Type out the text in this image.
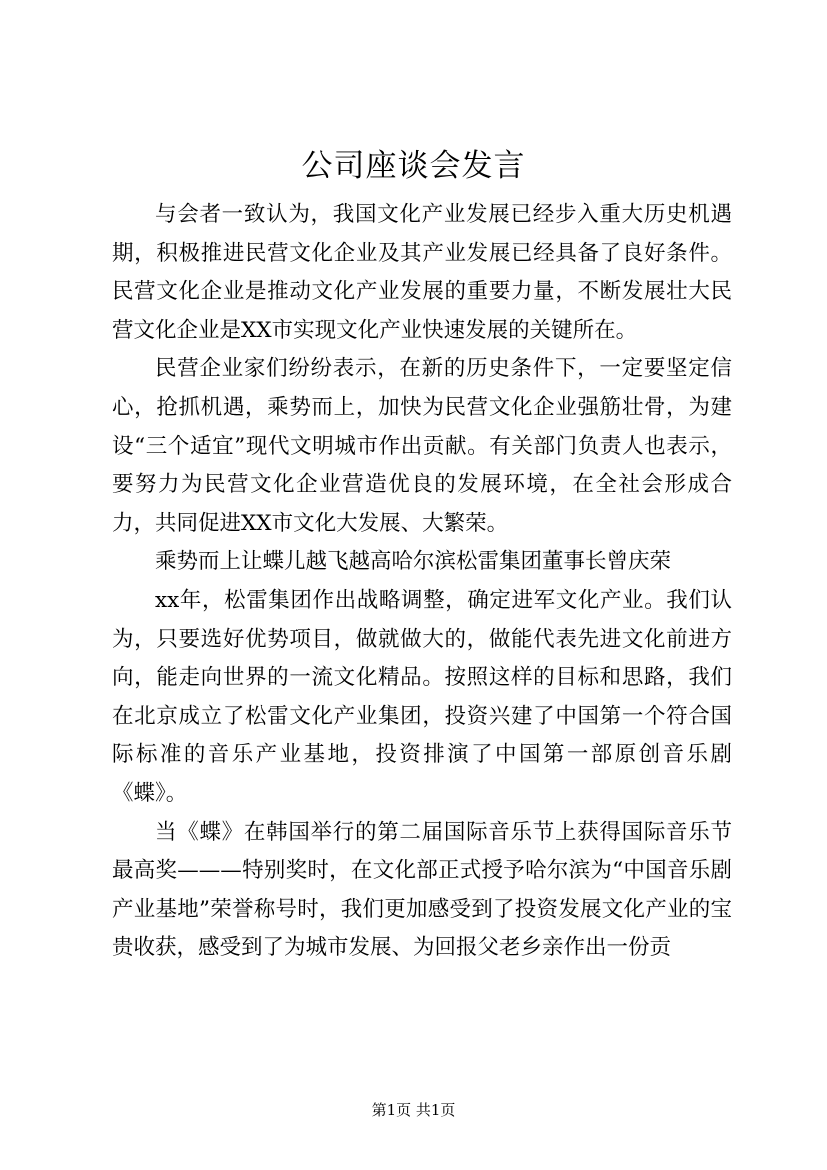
公司座谈会发言

与会者一致认为，我国文化产业发展已经步入重大历史机遇期，积极推进民营文化企业及其产业发展已经具备了良好条件。民营文化企业是推动文化产业发展的重要力量，不断发展壮大民营文化企业是XX市实现文化产业快速发展的关键所在。

民营企业家们纷纷表示，在新的历史条件下，一定要坚定信心，抢抓机遇，乘势而上，加快为民营文化企业强筋壮骨，为建设“三个适宜”现代文明城市作出贡献。有关部门负责人也表示，要努力为民营文化企业营造优良的发展环境，在全社会形成合力，共同促进XX市文化大发展、大繁荣。

乘势而上让蝶儿越飞越高哈尔滨松雷集团董事长曾庆荣

xx年，松雷集团作出战略调整，确定进军文化产业。我们认为，只要选好优势项目，做就做大的，做能代表先进文化前进方向，能走向世界的一流文化精品。按照这样的目标和思路，我们在北京成立了松雷文化产业集团，投资兴建了中国第一个符合国际标准的音乐产业基地，投资排演了中国第一部原创音乐剧《蝶》。

当《蝶》在韩国举行的第二届国际音乐节上获得国际音乐节最高奖———特别奖时，在文化部正式授予哈尔滨为“中国音乐剧产业基地”荣誉称号时，我们更加感受到了投资发展文化产业的宝贵收获，感受到了为城市发展、为回报父老乡亲作出一份贡

第1页 共1页
